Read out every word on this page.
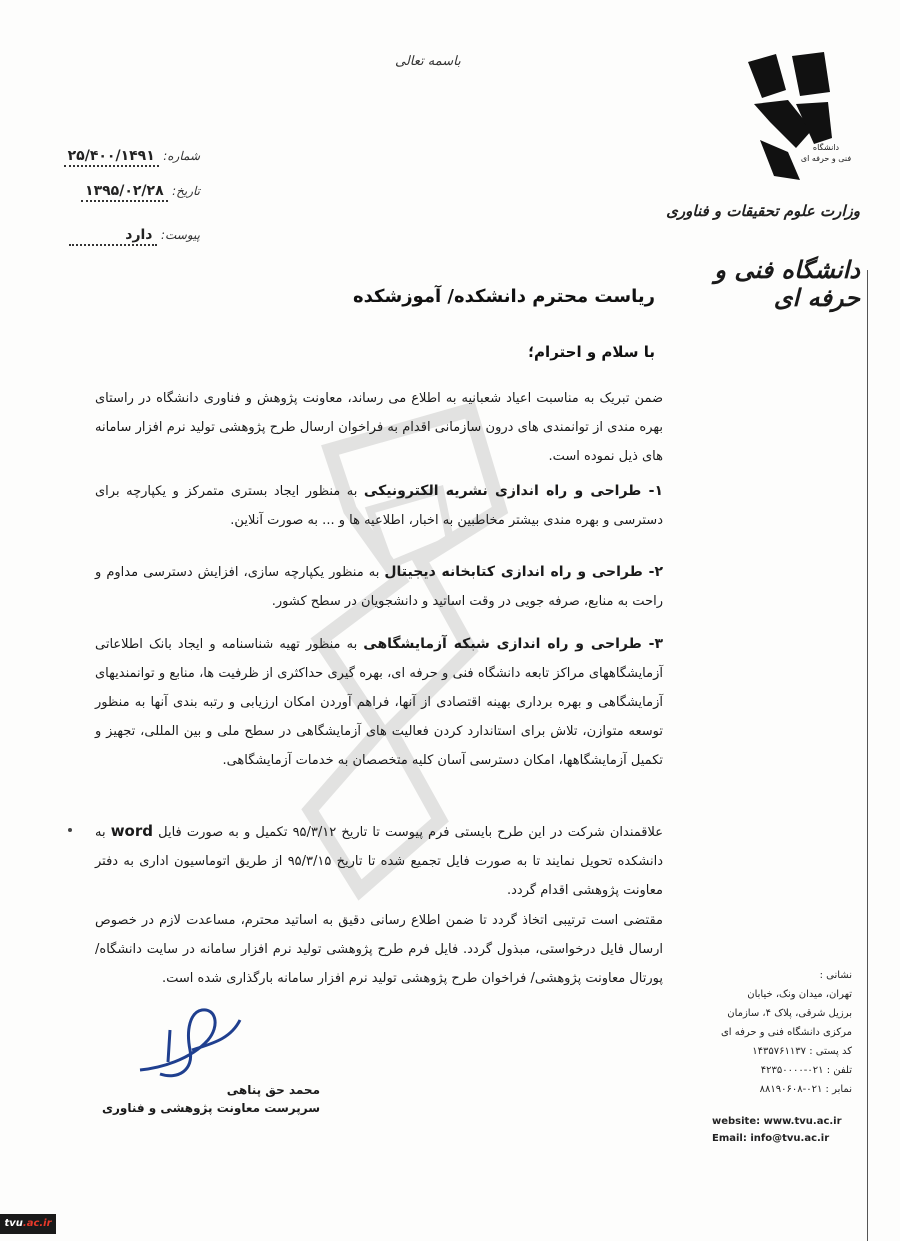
باسمه تعالی
شماره: ۲۵/۴۰۰/۱۴۹۱
تاریخ: ۱۳۹۵/۰۲/۲۸
پیوست: دارد
دانشگاه
فنی و حرفه ای
وزارت علوم تحقیقات و فناوری
دانشگاه فنی و حرفه ای
ریاست محترم دانشکده/ آموزشکده
با سلام و احترام؛
ضمن تبریک به مناسبت اعیاد شعبانیه به اطلاع می رساند، معاونت پژوهش و فناوری دانشگاه در راستای بهره مندی از توانمندی های درون سازمانی اقدام به فراخوان ارسال طرح پژوهشی تولید نرم افزار سامانه های ذیل نموده است.
۱- طراحی و راه اندازی نشریه الکترونیکی به منظور ایجاد بستری متمرکز و یکپارچه برای دسترسی و بهره مندی بیشتر مخاطبین به اخبار، اطلاعیه ها و ... به صورت آنلاین.
۲- طراحی و راه اندازی کتابخانه دیجیتال به منظور یکپارچه سازی، افزایش دسترسی مداوم و راحت به منابع، صرفه جویی در وقت اساتید و دانشجویان در سطح کشور.
۳- طراحی و راه اندازی شبکه آزمایشگاهی به منظور تهیه شناسنامه و ایجاد بانک اطلاعاتی آزمایشگاههای مراکز تابعه دانشگاه فنی و حرفه ای، بهره گیری حداکثری از ظرفیت ها، منابع و توانمندیهای آزمایشگاهی و بهره برداری بهینه اقتصادی از آنها، فراهم آوردن امکان ارزیابی و رتبه بندی آنها به منظور توسعه متوازن، تلاش برای استاندارد کردن فعالیت های آزمایشگاهی در سطح ملی و بین المللی، تجهیز و تکمیل آزمایشگاهها، امکان دسترسی آسان کلیه متخصصان به خدمات آزمایشگاهی.
علاقمندان شرکت در این طرح بایستی فرم پیوست تا تاریخ ۹۵/۳/۱۲ تکمیل و به صورت فایل word به دانشکده تحویل نمایند تا به صورت فایل تجمیع شده تا تاریخ ۹۵/۳/۱۵ از طریق اتوماسیون اداری به دفتر معاونت پژوهشی اقدام گردد.
مقتضی است ترتیبی اتخاذ گردد تا ضمن اطلاع رسانی دقیق به اساتید محترم، مساعدت لازم در خصوص ارسال فایل درخواستی، مبذول گردد. فایل فرم طرح پژوهشی تولید نرم افزار سامانه در سایت دانشگاه/ پورتال معاونت پژوهشی/ فراخوان طرح پژوهشی تولید نرم افزار سامانه بارگذاری شده است.
محمد حق پناهی
سرپرست معاونت پژوهشی و فناوری
نشانی :
تهران، میدان ونک، خیابان
برزیل شرقی، پلاک ۴، سازمان
مرکزی دانشگاه فنی و حرفه ای
کد پستی : ۱۴۳۵۷۶۱۱۳۷
تلفن : ۰۲۱-۴۲۳۵۰۰۰۰
نمابر : ۰۲۱-۸۸۱۹۰۶۰۸
website: www.tvu.ac.ir
Email: info@tvu.ac.ir
tvu.ac.ir
